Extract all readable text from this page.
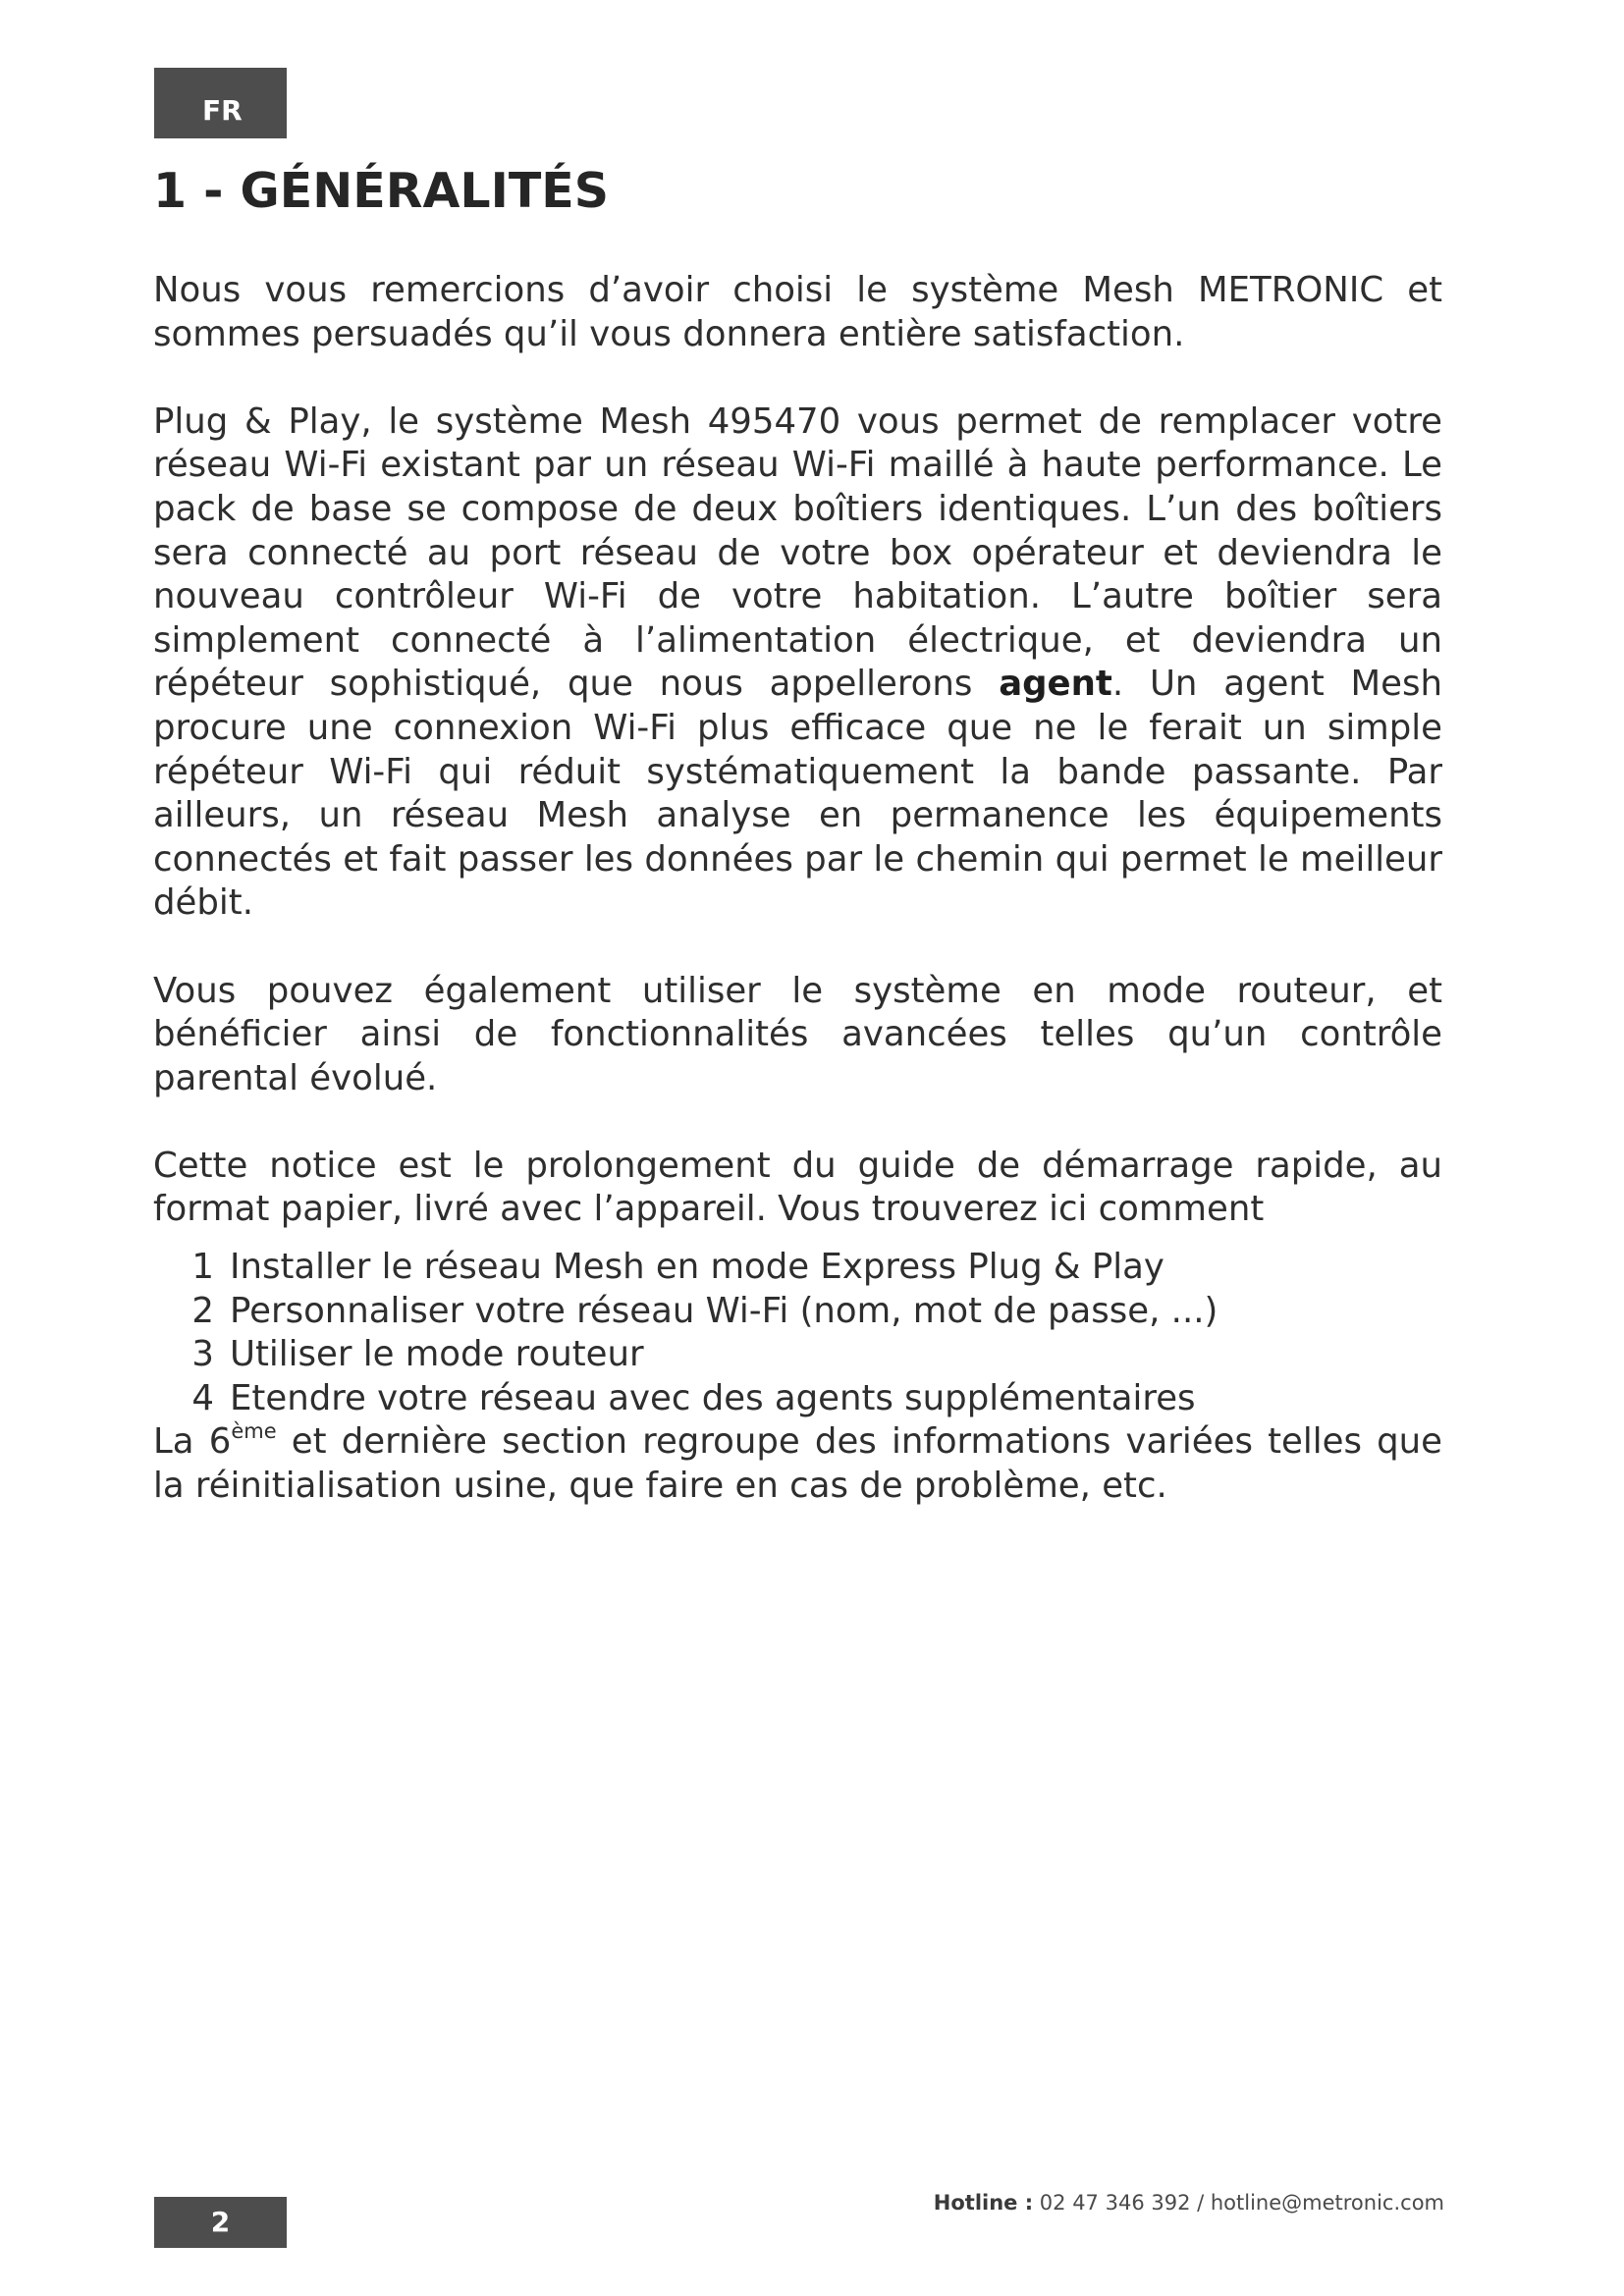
FR
1 - GÉNÉRALITÉS

Nous vous remercions d’avoir choisi le système Mesh METRONIC et sommes persuadés qu’il vous donnera entière satisfaction.

Plug & Play, le système Mesh 495470 vous permet de remplacer votre réseau Wi-Fi existant par un réseau Wi-Fi maillé à haute performance. Le pack de base se compose de deux boîtiers identiques. L’un des boîtiers sera connecté au port réseau de votre box opérateur et deviendra le nouveau contrôleur Wi-Fi de votre habitation. L’autre boîtier sera simplement connecté à l’alimentation électrique, et deviendra un répéteur sophistiqué, que nous appellerons agent. Un agent Mesh procure une connexion Wi-Fi plus efficace que ne le ferait un simple répéteur Wi-Fi qui réduit systématiquement la bande passante. Par ailleurs, un réseau Mesh analyse en permanence les équipements connectés et fait passer les données par le chemin qui permet le meilleur débit.

Vous pouvez également utiliser le système en mode routeur, et bénéficier ainsi de fonctionnalités avancées telles qu’un contrôle parental évolué.

Cette notice est le prolongement du guide de démarrage rapide, au format papier, livré avec l’appareil. Vous trouverez ici comment

1 Installer le réseau Mesh en mode Express Plug & Play
2 Personnaliser votre réseau Wi-Fi (nom, mot de passe, ...)
3 Utiliser le mode routeur
4 Etendre votre réseau avec des agents supplémentaires

La 6ème et dernière section regroupe des informations variées telles que la réinitialisation usine, que faire en cas de problème, etc.

Hotline : 02 47 346 392 / hotline@metronic.com
2
